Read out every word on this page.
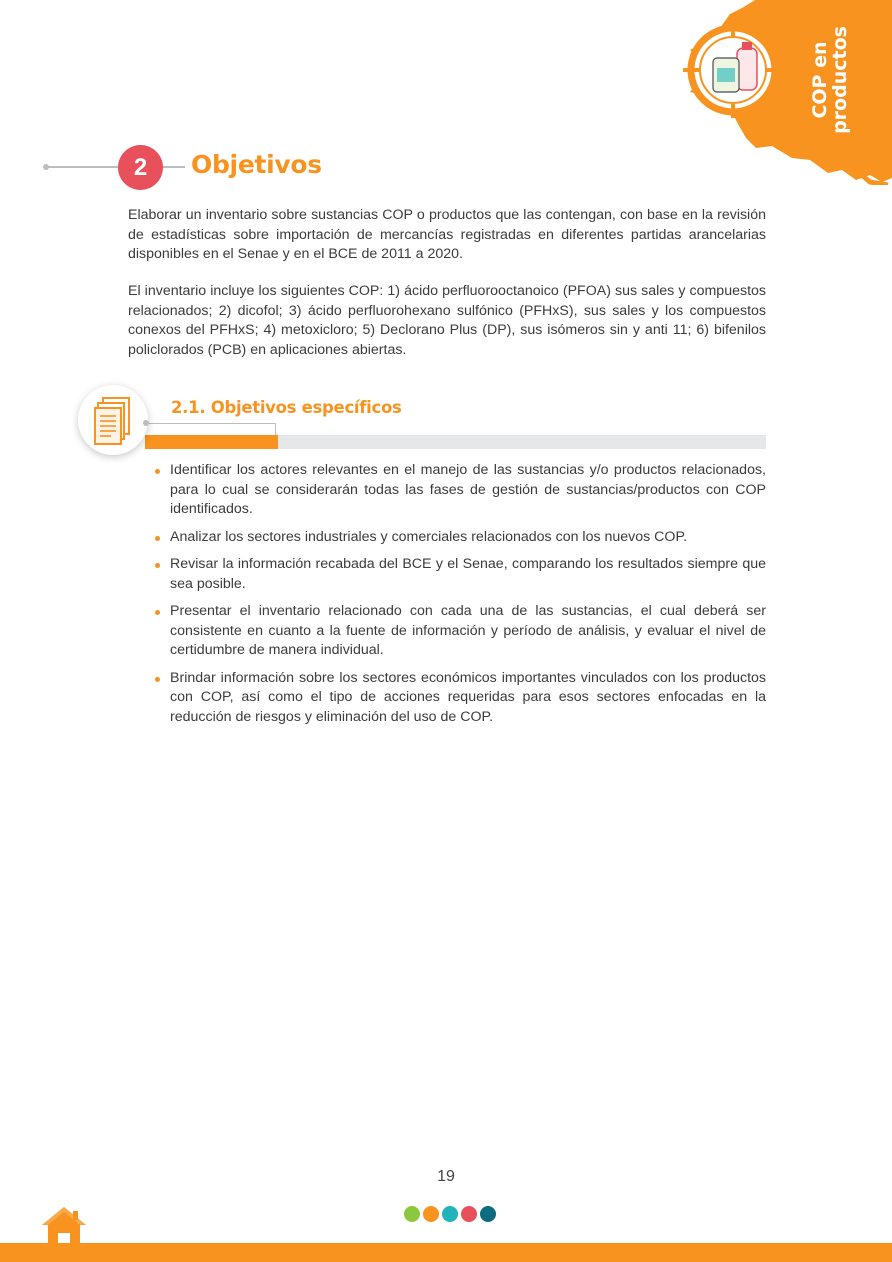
COP en
productos
2	Objetivos

Elaborar un inventario sobre sustancias COP o productos que las contengan, con base en la revisión de estadísticas sobre importación de mercancías registradas en diferentes partidas arancelarias disponibles en el Senae y en el BCE de 2011 a 2020.

El inventario incluye los siguientes COP: 1) ácido perfluorooctanoico (PFOA) sus sales y compuestos relacionados; 2) dicofol; 3) ácido perfluorohexano sulfónico (PFHxS), sus sales y los compuestos conexos del PFHxS; 4) metoxicloro; 5) Declorano Plus (DP), sus isómeros sin y anti 11; 6) bifenilos policlorados (PCB) en aplicaciones abiertas.

2.1. Objetivos específicos
Identificar los actores relevantes en el manejo de las sustancias y/o productos relacionados, para lo cual se considerarán todas las fases de gestión de sustancias/productos con COP identificados.
Analizar los sectores industriales y comerciales relacionados con los nuevos COP.
Revisar la información recabada del BCE y el Senae, comparando los resultados siempre que sea posible.
Presentar el inventario relacionado con cada una de las sustancias, el cual deberá ser consistente en cuanto a la fuente de información y período de análisis, y evaluar el nivel de certidumbre de manera individual.
Brindar información sobre los sectores económicos importantes vinculados con los productos con COP, así como el tipo de acciones requeridas para esos sectores enfocadas en la reducción de riesgos y eliminación del uso de COP.
19
